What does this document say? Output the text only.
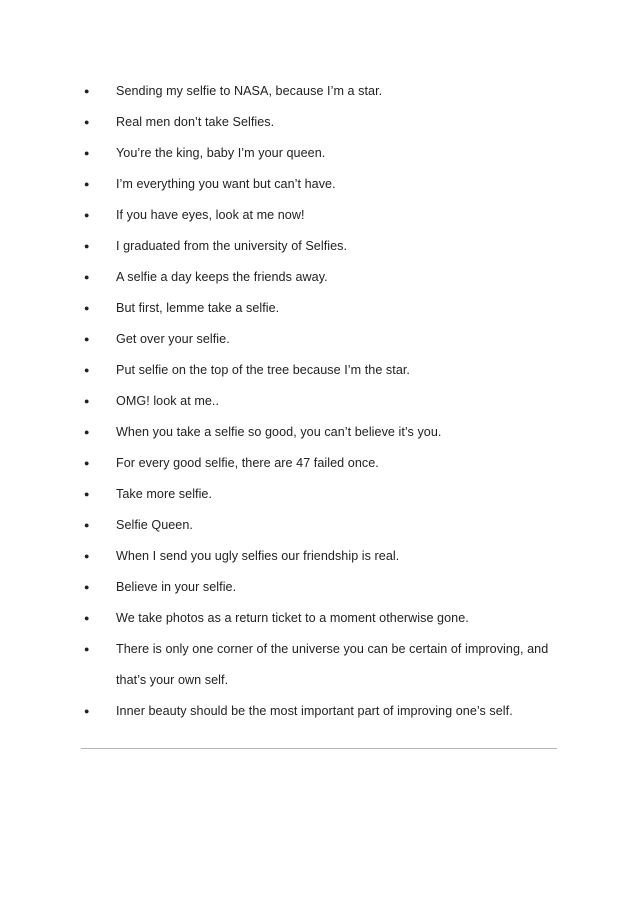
●	Sending my selfie to NASA, because I’m a star.
●	Real men don’t take Selfies.
●	You’re the king, baby I’m your queen.
●	I’m everything you want but can’t have.
●	If you have eyes, look at me now!
●	I graduated from the university of Selfies.
●	A selfie a day keeps the friends away.
●	But first, lemme take a selfie.
●	Get over your selfie.
●	Put selfie on the top of the tree because I’m the star.
●	OMG! look at me..
●	When you take a selfie so good, you can’t believe it’s you.
●	For every good selfie, there are 47 failed once.
●	Take more selfie.
●	Selfie Queen.
●	When I send you ugly selfies our friendship is real.
●	Believe in your selfie.
●	We take photos as a return ticket to a moment otherwise gone.
●	There is only one corner of the universe you can be certain of improving, and that’s your own self.
●	Inner beauty should be the most important part of improving one’s self.
